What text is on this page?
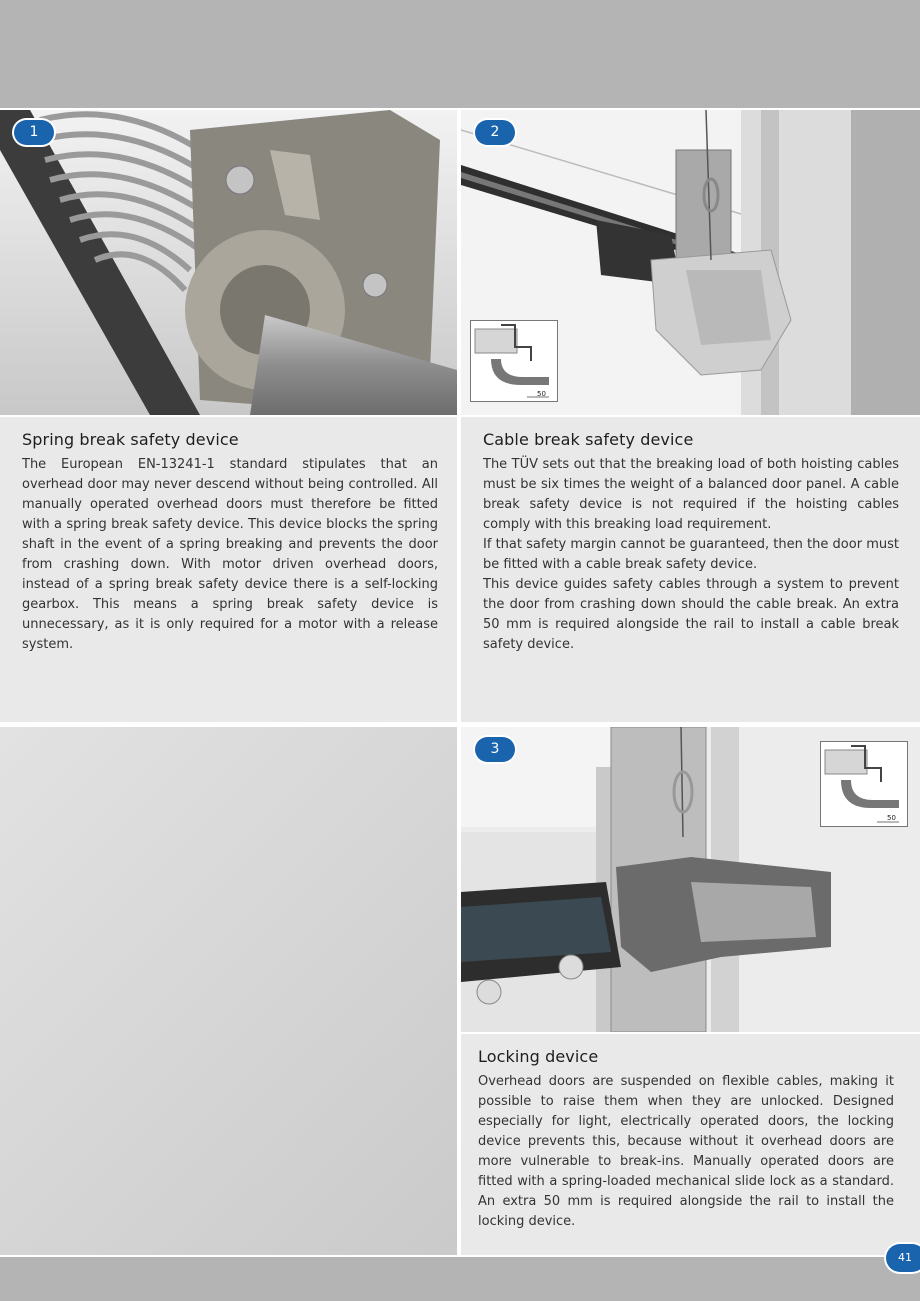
1
Spring break safety device

The European EN-13241-1 standard stipulates that an overhead door may never descend without being controlled. All manually operated overhead doors must therefore be fitted with a spring break safety device. This device blocks the spring shaft in the event of a spring breaking and prevents the door from crashing down. With motor driven overhead doors, instead of a spring break safety device there is a self-locking gearbox. This means a spring break safety device is unnecessary, as it is only required for a motor with a release system.

2
50
Cable break safety device

The TÜV sets out that the breaking load of both hoisting cables must be six times the weight of a balanced door panel. A cable break safety device is not required if the hoisting cables comply with this breaking load requirement.

If that safety margin cannot be guaranteed, then the door must be fitted with a cable break safety device.

This device guides safety cables through a system to prevent the door from crashing down should the cable break. An extra 50 mm is required alongside the rail to install a cable break safety device.

3
50
Locking device

Overhead doors are suspended on flexible cables, making it possible to raise them when they are unlocked. Designed especially for light, electrically operated doors, the locking device prevents this, because without it overhead doors are more vulnerable to break-ins. Manually operated doors are fitted with a spring-loaded mechanical slide lock as a standard. An extra 50 mm is required alongside the rail to install the locking device.

41
